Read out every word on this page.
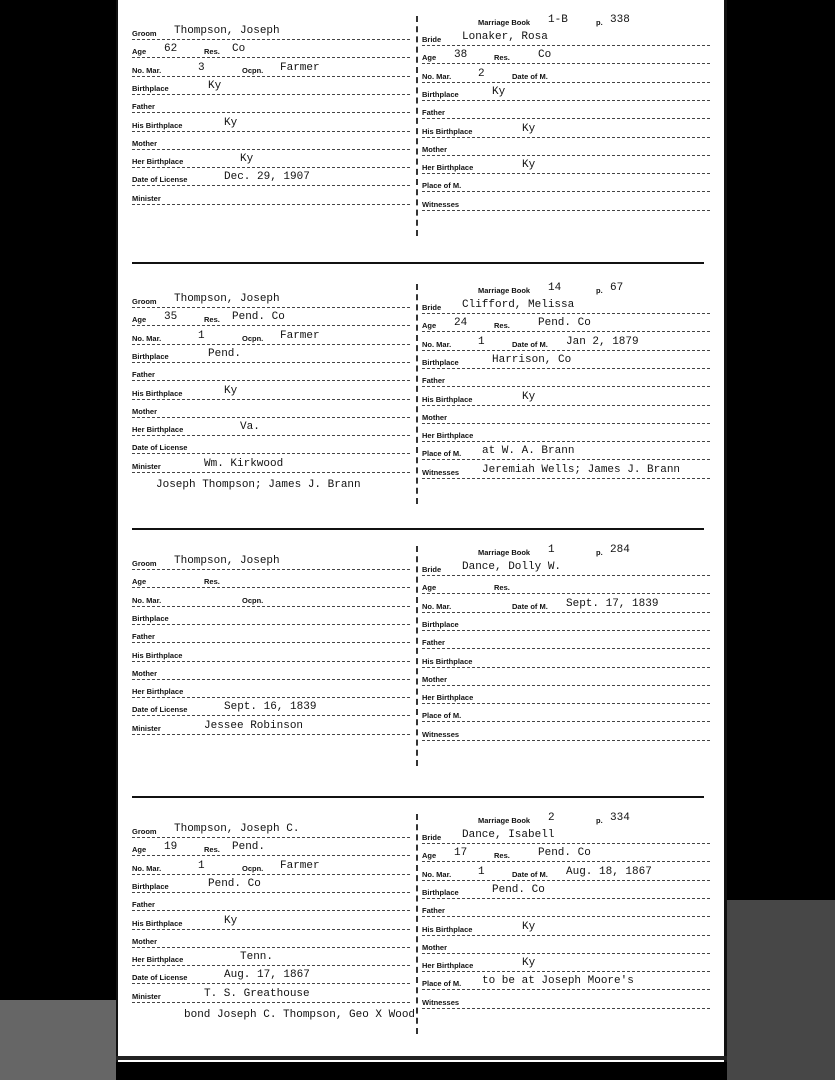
Marriage Book 1-B	p. 338
Groom Thompson, Joseph
Age 62	Res. Co
No. Mar.	3	Ocpn. Farmer
Birthplace	Ky
Father
His Birthplace	Ky
Mother
Her Birthplace	Ky
Date of License	Dec. 29, 1907
Minister
Bride Lonaker, Rosa
Age 38	Res.	Co
No. Mar. 2	Date of M.
Birthplace	Ky
Father
His Birthplace	Ky
Mother
Her Birthplace	Ky
Place of M.
Witnesses
Marriage Book 14	p. 67
Groom Thompson, Joseph
Age 35	Res. Pend. Co
No. Mar.	1	Ocpn. Farmer
Birthplace	Pend.
Father
His Birthplace	Ky
Mother
Her Birthplace	Va.
Date of License
Minister	Wm. Kirkwood
Bride Clifford, Melissa
Age 24	Res.	Pend. Co
No. Mar. 1	Date of M. Jan 2, 1879
Birthplace	Harrison, Co
Father
His Birthplace	Ky
Mother
Her Birthplace
Place of M. at W. A. Brann
Witnesses Jeremiah Wells; James J. Brann
Joseph Thompson; James J. Brann
Marriage Book 1	p. 284
Groom Thompson, Joseph
Age	Res.
No. Mar.	Ocpn.
Birthplace
Father
His Birthplace
Mother
Her Birthplace
Date of License	Sept. 16, 1839
Minister	Jessee Robinson
Bride Dance, Dolly W.
Age	Res.
No. Mar.	Date of M. Sept. 17, 1839
Birthplace
Father
His Birthplace
Mother
Her Birthplace
Place of M.
Witnesses
Marriage Book 2	p. 334
Groom Thompson, Joseph C.
Age 19	Res. Pend.
No. Mar.	1	Ocpn. Farmer
Birthplace	Pend. Co
Father
His Birthplace	Ky
Mother
Her Birthplace	Tenn.
Date of License	Aug. 17, 1867
Minister	T. S. Greathouse
Bride Dance, Isabell
Age 17	Res.	Pend. Co
No. Mar. 1	Date of M. Aug. 18, 1867
Birthplace	Pend. Co
Father
His Birthplace	Ky
Mother
Her Birthplace	Ky
Place of M. to be at Joseph Moore's
Witnesses
bond Joseph C. Thompson, Geo X Wood
